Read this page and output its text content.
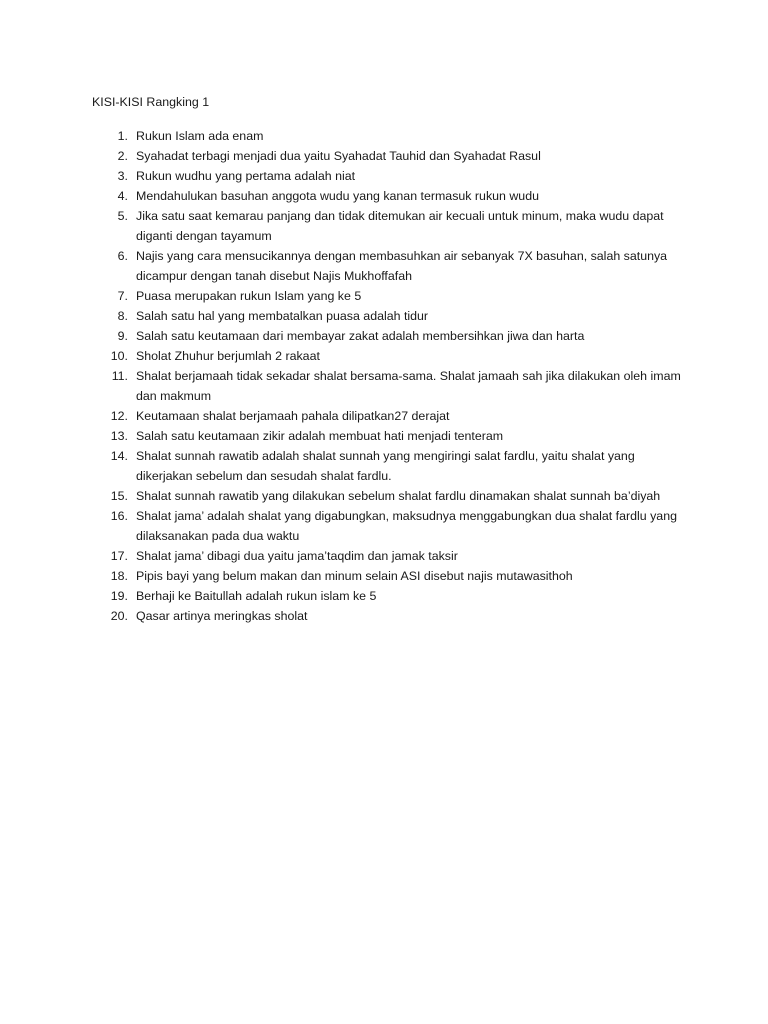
KISI-KISI Rangking 1
1. Rukun Islam ada enam
2. Syahadat terbagi menjadi dua yaitu Syahadat Tauhid dan Syahadat Rasul
3. Rukun wudhu yang pertama adalah niat
4. Mendahulukan basuhan anggota wudu yang kanan termasuk rukun wudu
5. Jika satu saat kemarau panjang dan tidak ditemukan air kecuali untuk minum, maka wudu dapat diganti dengan tayamum
6. Najis yang cara mensucikannya dengan membasuhkan air sebanyak 7X basuhan, salah satunya dicampur dengan tanah disebut Najis Mukhoffafah
7. Puasa merupakan rukun Islam yang ke 5
8. Salah satu hal yang membatalkan puasa adalah tidur
9. Salah satu keutamaan dari membayar zakat adalah membersihkan jiwa dan harta
10. Sholat Zhuhur berjumlah 2 rakaat
11. Shalat berjamaah tidak sekadar shalat bersama-sama. Shalat jamaah sah jika dilakukan oleh imam dan makmum
12. Keutamaan shalat berjamaah pahala dilipatkan27 derajat
13. Salah satu keutamaan zikir adalah membuat hati menjadi tenteram
14. Shalat sunnah rawatib adalah shalat sunnah yang mengiringi salat fardlu, yaitu shalat yang dikerjakan sebelum dan sesudah shalat fardlu.
15. Shalat sunnah rawatib yang dilakukan sebelum shalat fardlu dinamakan shalat sunnah ba’diyah
16. Shalat jama’ adalah shalat yang digabungkan, maksudnya menggabungkan dua shalat fardlu yang dilaksanakan pada dua waktu
17. Shalat jama’ dibagi dua yaitu jama’taqdim dan jamak taksir
18. Pipis bayi yang belum makan dan minum selain ASI disebut najis mutawasithoh
19. Berhaji ke Baitullah adalah rukun islam ke 5
20. Qasar artinya meringkas sholat
